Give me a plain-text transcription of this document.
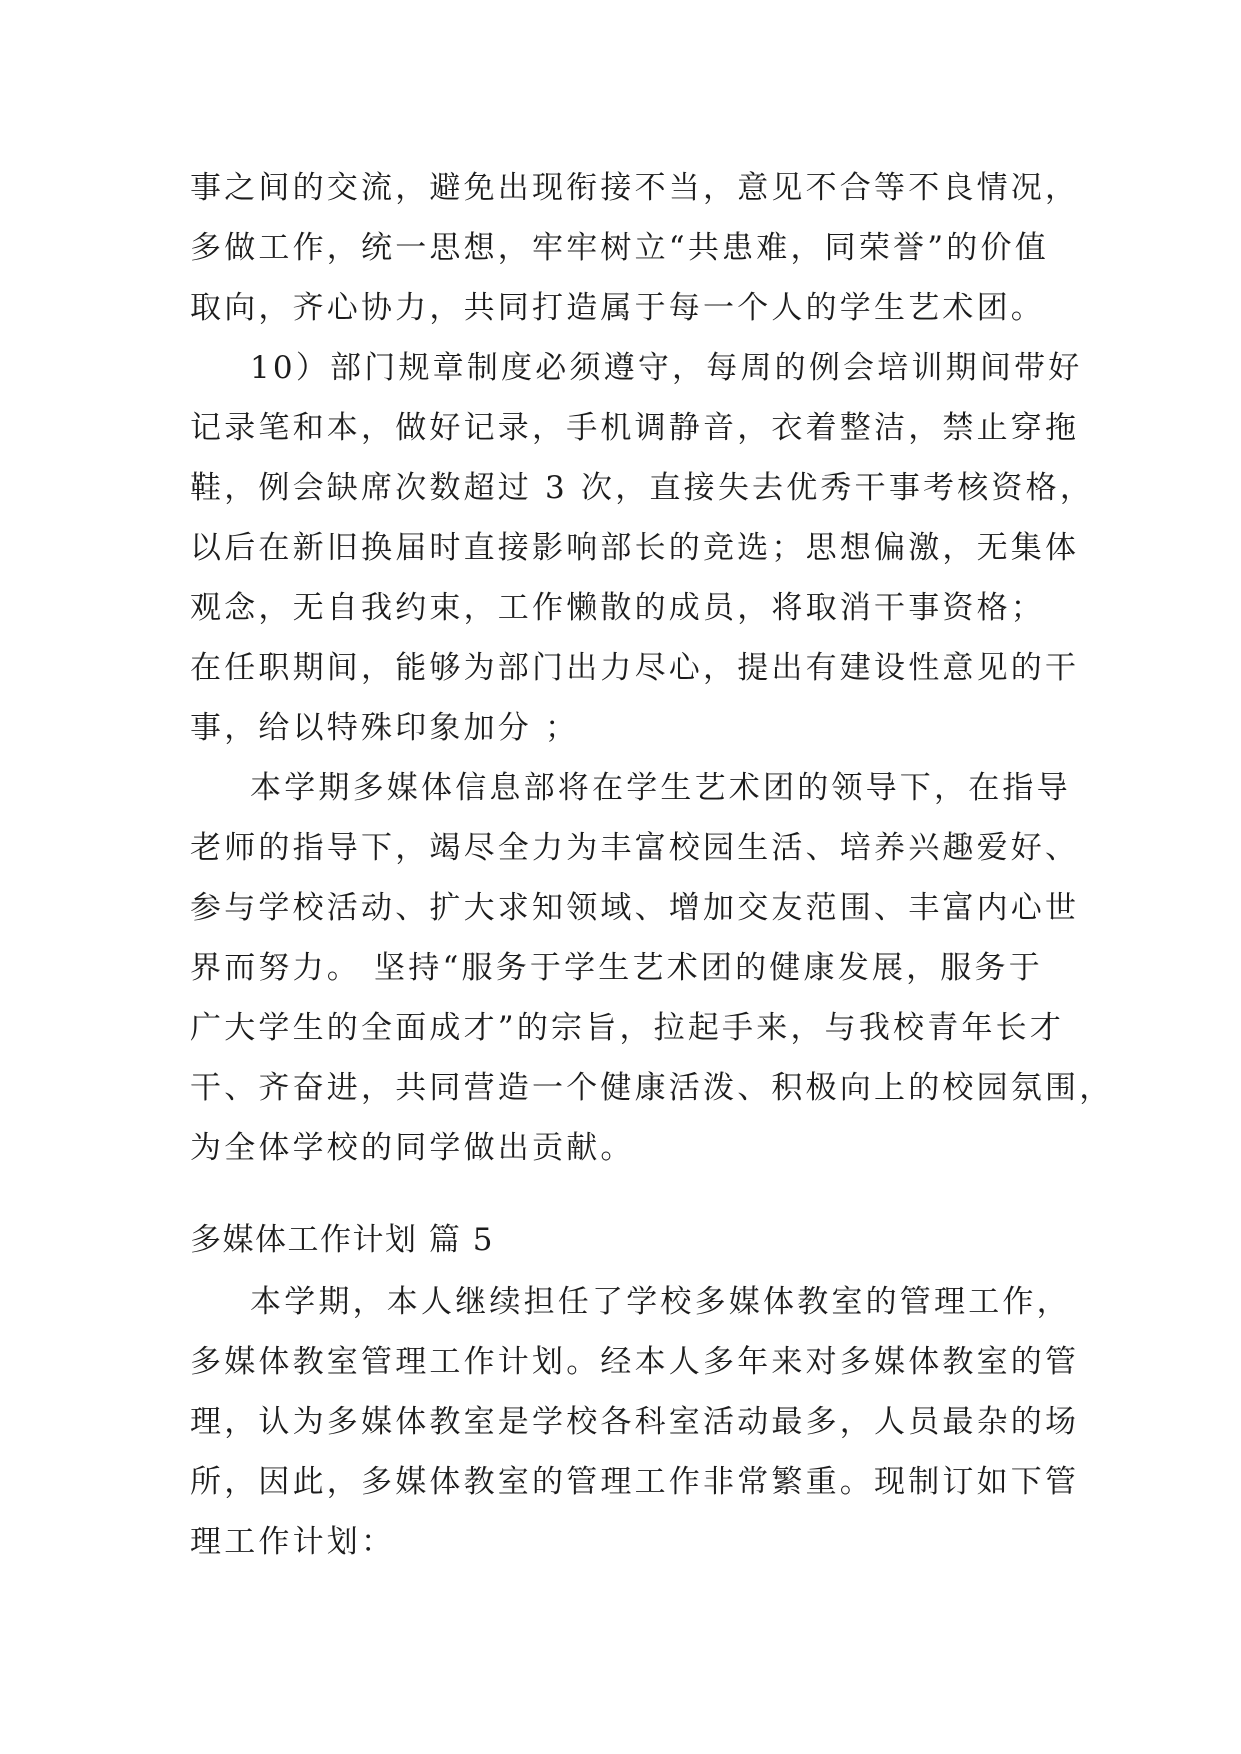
事之间的交流，避免出现衔接不当，意见不合等不良情况，
多做工作，统一思想，牢牢树立“共患难，同荣誉”的价值
取向，齐心协力，共同打造属于每一个人的学生艺术团。
10）部门规章制度必须遵守，每周的例会培训期间带好
记录笔和本，做好记录，手机调静音，衣着整洁，禁止穿拖
鞋，例会缺席次数超过 3 次，直接失去优秀干事考核资格，
以后在新旧换届时直接影响部长的竞选；思想偏激，无集体
观念，无自我约束，工作懒散的成员，将取消干事资格；
在任职期间，能够为部门出力尽心，提出有建设性意见的干
事，给以特殊印象加分 ；
本学期多媒体信息部将在学生艺术团的领导下，在指导
老师的指导下，竭尽全力为丰富校园生活、培养兴趣爱好、
参与学校活动、扩大求知领域、增加交友范围、丰富内心世
界而努力。 坚持“服务于学生艺术团的健康发展，服务于
广大学生的全面成才”的宗旨，拉起手来，与我校青年长才
干、齐奋进，共同营造一个健康活泼、积极向上的校园氛围，
为全体学校的同学做出贡献。
多媒体工作计划 篇 5
本学期，本人继续担任了学校多媒体教室的管理工作，
多媒体教室管理工作计划。经本人多年来对多媒体教室的管
理，认为多媒体教室是学校各科室活动最多，人员最杂的场
所，因此，多媒体教室的管理工作非常繁重。现制订如下管
理工作计划：
